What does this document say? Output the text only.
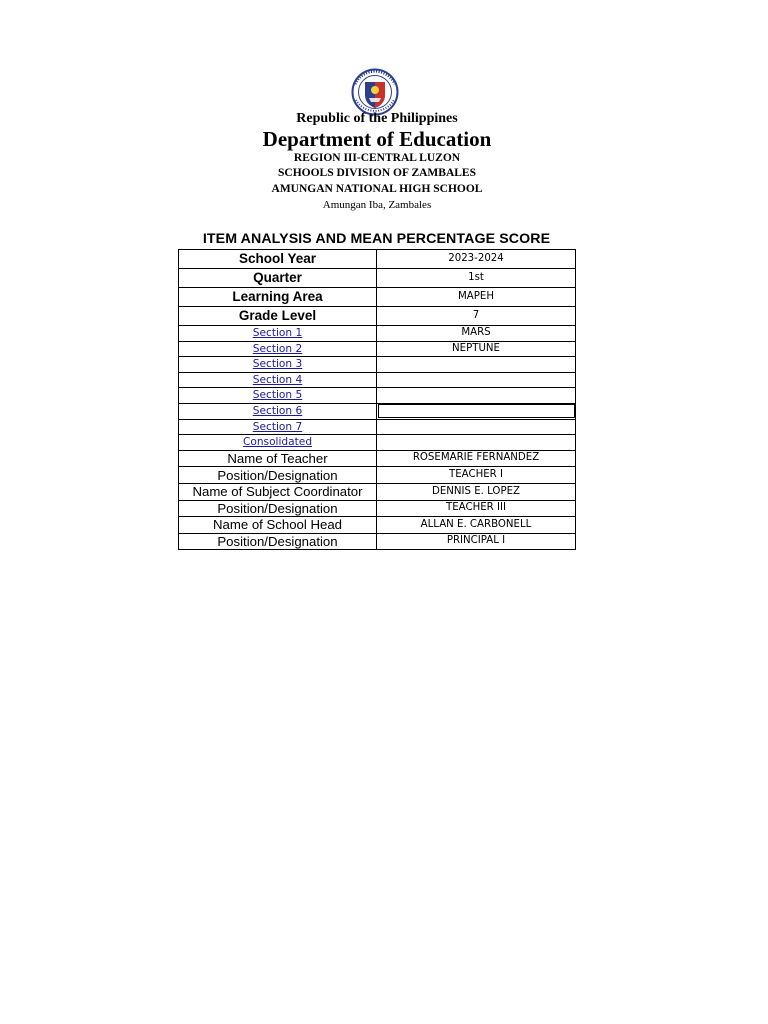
Republic of the Philippines
Department of Education
REGION III-CENTRAL LUZON
SCHOOLS DIVISION OF ZAMBALES
AMUNGAN NATIONAL HIGH SCHOOL
Amungan Iba, Zambales
ITEM ANALYSIS AND MEAN PERCENTAGE SCORE
School Year	2023-2024
Quarter	1st
Learning Area	MAPEH
Grade Level	7
Section 1	MARS
Section 2	NEPTUNE
Section 3	
Section 4	
Section 5	
Section 6	
Section 7	
Consolidated	
Name of Teacher	ROSEMARIE FERNANDEZ
Position/Designation	TEACHER I
Name of Subject Coordinator	DENNIS E. LOPEZ
Position/Designation	TEACHER III
Name of School Head	ALLAN E. CARBONELL
Position/Designation	PRINCIPAL I
